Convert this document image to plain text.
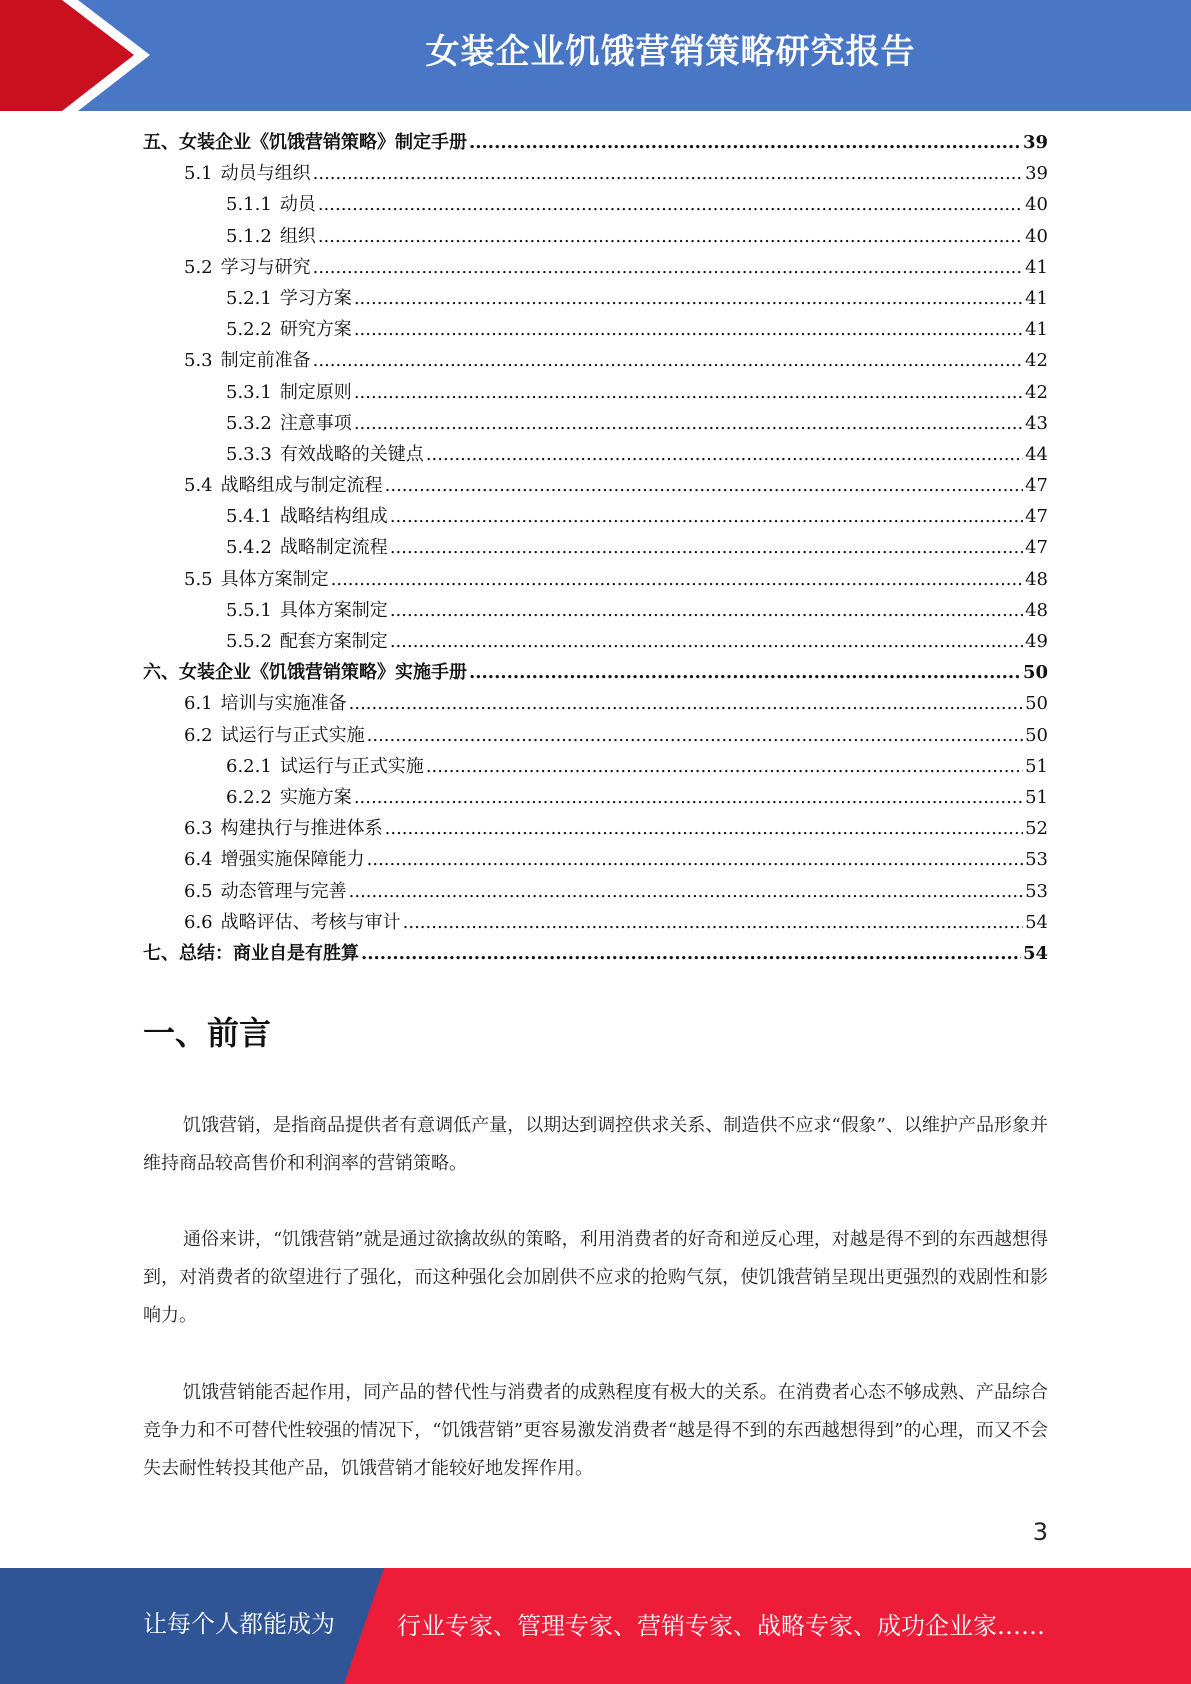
女装企业饥饿营销策略研究报告
五、女装企业《饥饿营销策略》制定手册 .....	39
5.1 动员与组织 .....	39
5.1.1 动员 .....	40
5.1.2 组织 .....	40
5.2 学习与研究 .....	41
5.2.1 学习方案 .....	41
5.2.2 研究方案 .....	41
5.3 制定前准备 .....	42
5.3.1 制定原则 .....	42
5.3.2 注意事项 .....	43
5.3.3 有效战略的关键点 .....	44
5.4 战略组成与制定流程 .....	47
5.4.1 战略结构组成 .....	47
5.4.2 战略制定流程 .....	47
5.5 具体方案制定 .....	48
5.5.1 具体方案制定 .....	48
5.5.2 配套方案制定 .....	49
六、女装企业《饥饿营销策略》实施手册 .....	50
6.1 培训与实施准备 .....	50
6.2 试运行与正式实施 .....	50
6.2.1 试运行与正式实施 .....	51
6.2.2 实施方案 .....	51
6.3 构建执行与推进体系 .....	52
6.4 增强实施保障能力 .....	53
6.5 动态管理与完善 .....	53
6.6 战略评估、考核与审计 .....	54
七、总结：商业自是有胜算 .....	54
一、前言
饥饿营销，是指商品提供者有意调低产量，以期达到调控供求关系、制造供不应求“假象”、以维护产品形象并维持商品较高售价和利润率的营销策略。
通俗来讲，“饥饿营销”就是通过欲擒故纵的策略，利用消费者的好奇和逆反心理，对越是得不到的东西越想得到，对消费者的欲望进行了强化，而这种强化会加剧供不应求的抢购气氛，使饥饿营销呈现出更强烈的戏剧性和影响力。
饥饿营销能否起作用，同产品的替代性与消费者的成熟程度有极大的关系。在消费者心态不够成熟、产品综合竞争力和不可替代性较强的情况下，“饥饿营销”更容易激发消费者“越是得不到的东西越想得到”的心理，而又不会失去耐性转投其他产品，饥饿营销才能较好地发挥作用。
3
让每个人都能成为	行业专家、管理专家、营销专家、战略专家、成功企业家……
